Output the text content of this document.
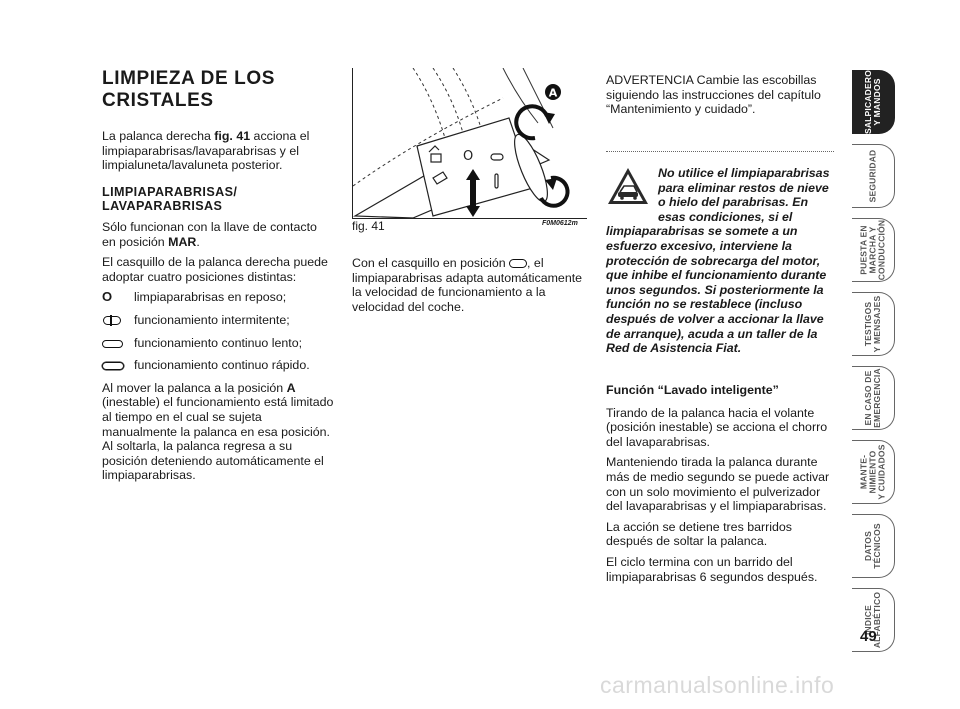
LIMPIEZA DE LOS CRISTALES

La palanca derecha fig. 41 acciona el limpiaparabrisas/lavaparabrisas y el limpialuneta/lavaluneta posterior.

LIMPIAPARABRISAS/ LAVAPARABRISAS

Sólo funcionan con la llave de contacto en posición MAR.

El casquillo de la palanca derecha puede adoptar cuatro posiciones distintas:

O	limpiaparabrisas en reposo;
funcionamiento intermitente;
funcionamiento continuo lento;
funcionamiento continuo rápido.

Al mover la palanca a la posición A (inestable) el funcionamiento está limitado al tiempo en el cual se sujeta manualmente la palanca en esa posición. Al soltarla, la palanca regresa a su posición deteniendo automáticamente el limpiaparabrisas.

O
A
fig. 41	F0M0612m

Con el casquillo en posición , el limpiaparabrisas adapta automáticamente la velocidad de funcionamiento a la velocidad del coche.

ADVERTENCIA Cambie las escobillas siguiendo las instrucciones del capítulo “Mantenimiento y cuidado”.

No utilice el limpiaparabrisas para eliminar restos de nieve o hielo del parabrisas. En esas condiciones, si el limpiaparabrisas se somete a un esfuerzo excesivo, interviene la protección de sobrecarga del motor, que inhibe el funcionamiento durante unos segundos. Si posteriormente la función no se restablece (incluso después de volver a accionar la llave de arranque), acuda a un taller de la Red de Asistencia Fiat.

Función “Lavado inteligente”

Tirando de la palanca hacia el volante (posición inestable) se acciona el chorro del lavaparabrisas.

Manteniendo tirada la palanca durante más de medio segundo se puede activar con un solo movimiento el pulverizador del lavaparabrisas y el limpiaparabrisas.

La acción se detiene tres barridos después de soltar la palanca.

El ciclo termina con un barrido del limpiaparabrisas 6 segundos después.

SALPICADERO
Y MANDOS
SEGURIDAD
PUESTA EN
MARCHA Y
CONDUCCIÓN
TESTIGOS
Y MENSAJES
EN CASO DE
EMERGENCIA
MANTE-
NIMIENTO
Y CUIDADOS
DATOS
TÉCNICOS
ÍNDICE
ALFABÉTICO
49
carmanualsonline.info
